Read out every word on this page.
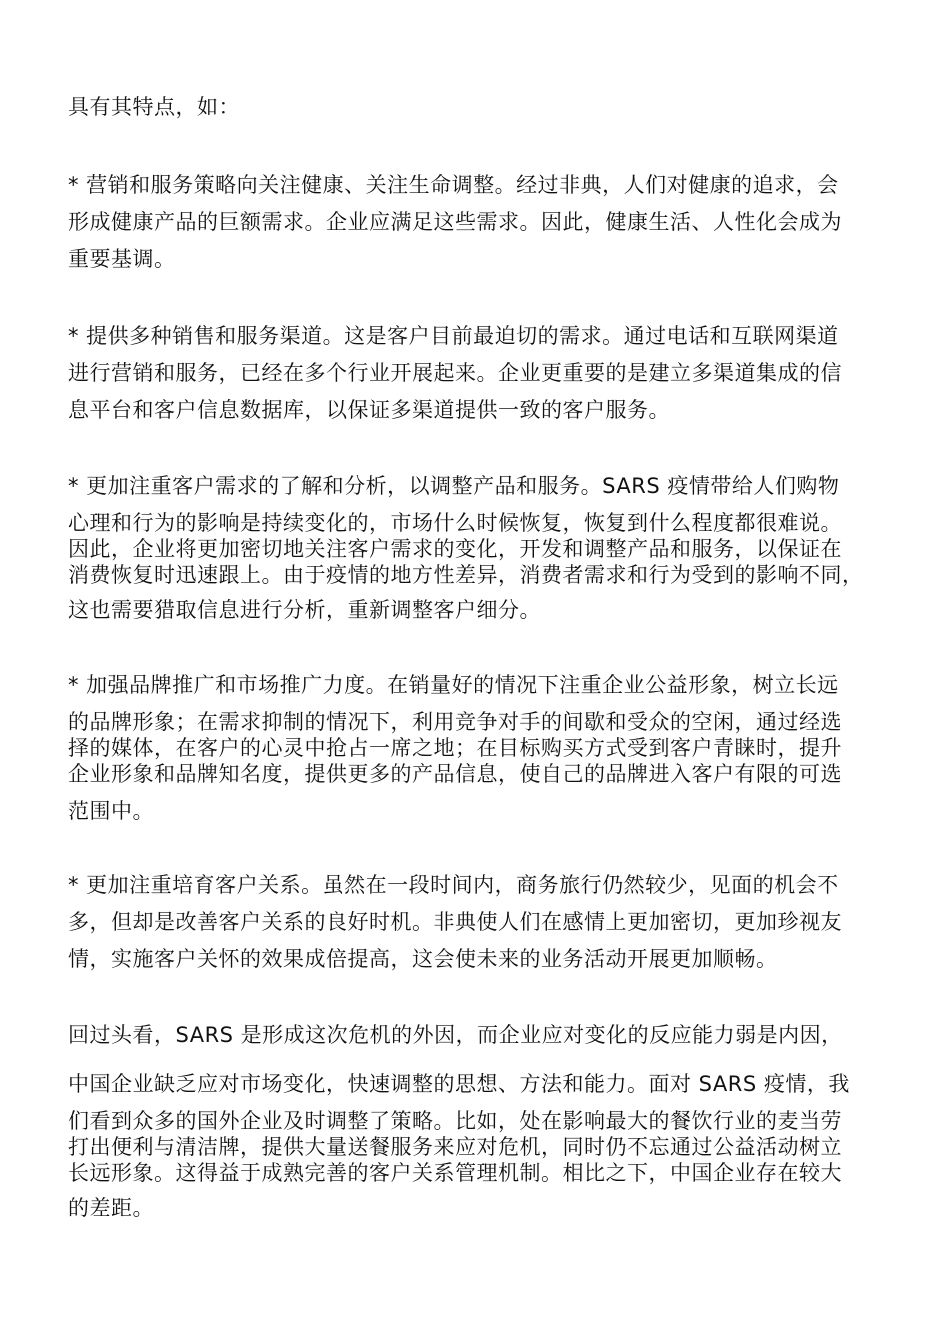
具有其特点，如：
* 营销和服务策略向关注健康、关注生命调整。经过非典，人们对健康的追求，会
形成健康产品的巨额需求。企业应满足这些需求。因此，健康生活、人性化会成为
重要基调。
* 提供多种销售和服务渠道。这是客户目前最迫切的需求。通过电话和互联网渠道
进行营销和服务，已经在多个行业开展起来。企业更重要的是建立多渠道集成的信
息平台和客户信息数据库，以保证多渠道提供一致的客户服务。
* 更加注重客户需求的了解和分析，以调整产品和服务。SARS 疫情带给人们购物
心理和行为的影响是持续变化的，市场什么时候恢复，恢复到什么程度都很难说。
因此，企业将更加密切地关注客户需求的变化，开发和调整产品和服务，以保证在
消费恢复时迅速跟上。由于疫情的地方性差异，消费者需求和行为受到的影响不同，
这也需要猎取信息进行分析，重新调整客户细分。
* 加强品牌推广和市场推广力度。在销量好的情况下注重企业公益形象，树立长远
的品牌形象；在需求抑制的情况下，利用竞争对手的间歇和受众的空闲，通过经选
择的媒体，在客户的心灵中抢占一席之地；在目标购买方式受到客户青睐时，提升
企业形象和品牌知名度，提供更多的产品信息，使自己的品牌进入客户有限的可选
范围中。
* 更加注重培育客户关系。虽然在一段时间内，商务旅行仍然较少，见面的机会不
多，但却是改善客户关系的良好时机。非典使人们在感情上更加密切，更加珍视友
情，实施客户关怀的效果成倍提高，这会使未来的业务活动开展更加顺畅。
回过头看，SARS 是形成这次危机的外因，而企业应对变化的反应能力弱是内因，
中国企业缺乏应对市场变化，快速调整的思想、方法和能力。面对 SARS 疫情，我
们看到众多的国外企业及时调整了策略。比如，处在影响最大的餐饮行业的麦当劳
打出便利与清洁牌，提供大量送餐服务来应对危机，同时仍不忘通过公益活动树立
长远形象。这得益于成熟完善的客户关系管理机制。相比之下，中国企业存在较大
的差距。
